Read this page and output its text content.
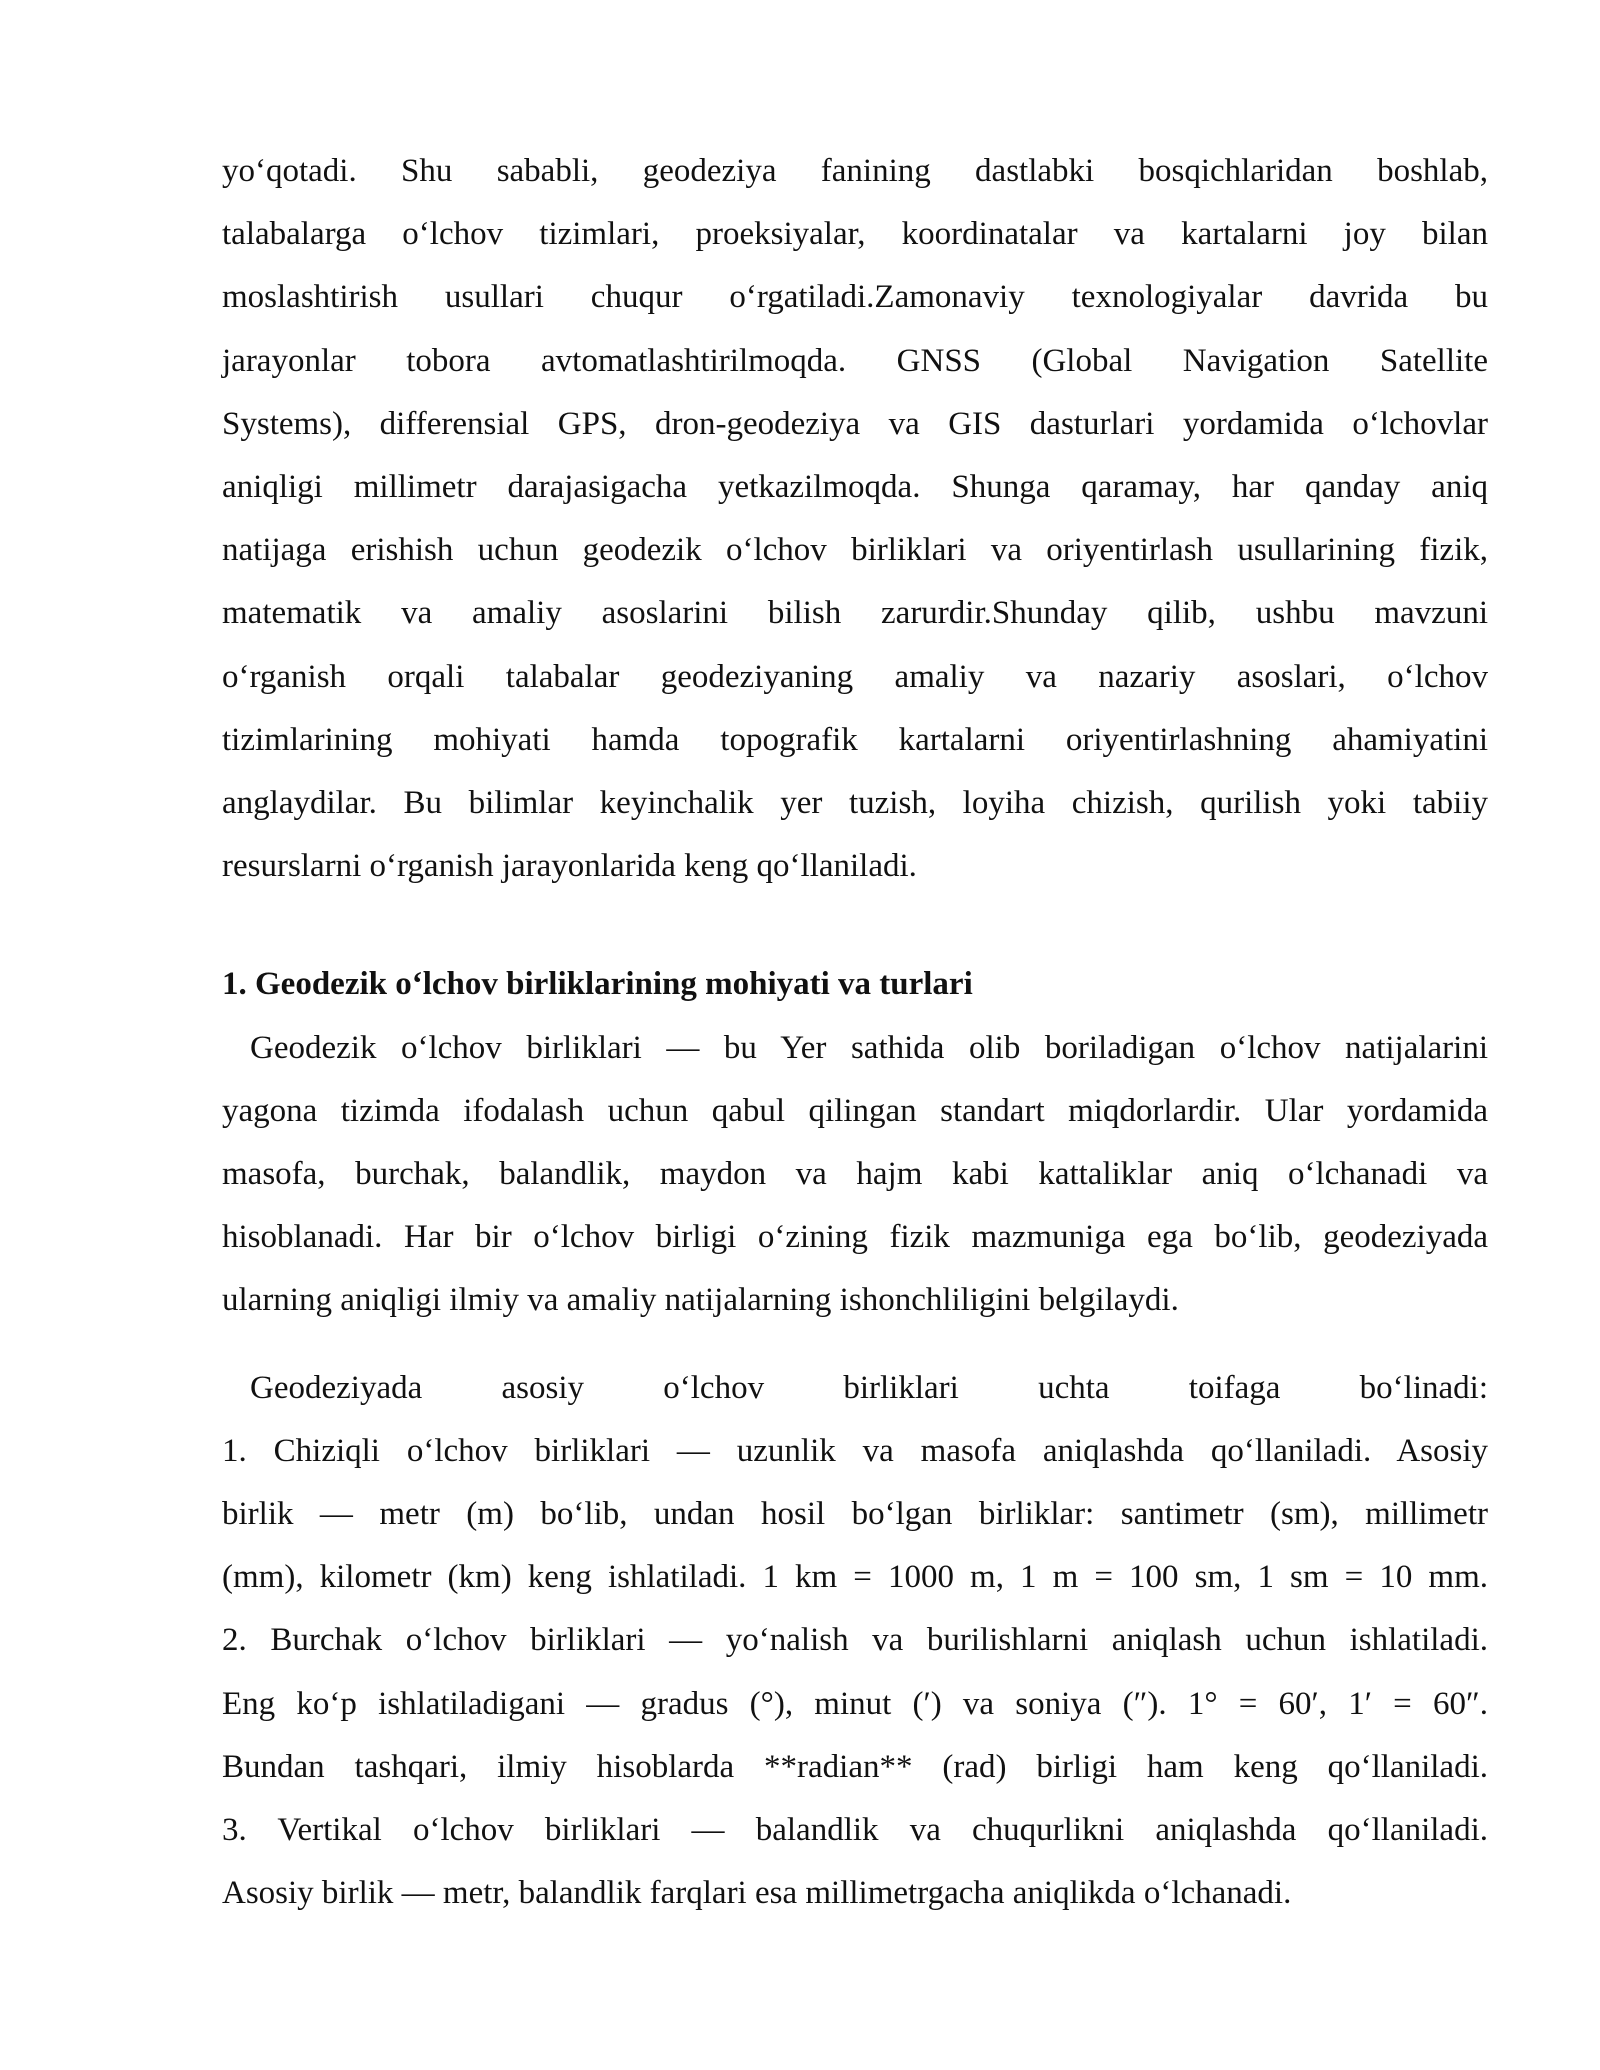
yo‘qotadi. Shu sababli, geodeziya fanining dastlabki bosqichlaridan boshlab,
talabalarga o‘lchov tizimlari, proeksiyalar, koordinatalar va kartalarni joy bilan
moslashtirish usullari chuqur o‘rgatiladi.Zamonaviy texnologiyalar davrida bu
jarayonlar tobora avtomatlashtirilmoqda. GNSS (Global Navigation Satellite
Systems), differensial GPS, dron-geodeziya va GIS dasturlari yordamida o‘lchovlar
aniqligi millimetr darajasigacha yetkazilmoqda. Shunga qaramay, har qanday aniq
natijaga erishish uchun geodezik o‘lchov birliklari va oriyentirlash usullarining fizik,
matematik va amaliy asoslarini bilish zarurdir.Shunday qilib, ushbu mavzuni
o‘rganish orqali talabalar geodeziyaning amaliy va nazariy asoslari, o‘lchov
tizimlarining mohiyati hamda topografik kartalarni oriyentirlashning ahamiyatini
anglaydilar. Bu bilimlar keyinchalik yer tuzish, loyiha chizish, qurilish yoki tabiiy
resurslarni o‘rganish jarayonlarida keng qo‘llaniladi.
1. Geodezik o‘lchov birliklarining mohiyati va turlari
Geodezik o‘lchov birliklari — bu Yer sathida olib boriladigan o‘lchov natijalarini
yagona tizimda ifodalash uchun qabul qilingan standart miqdorlardir. Ular yordamida
masofa, burchak, balandlik, maydon va hajm kabi kattaliklar aniq o‘lchanadi va
hisoblanadi. Har bir o‘lchov birligi o‘zining fizik mazmuniga ega bo‘lib, geodeziyada
ularning aniqligi ilmiy va amaliy natijalarning ishonchliligini belgilaydi.
Geodeziyada asosiy o‘lchov birliklari uchta toifaga bo‘linadi:
1. Chiziqli o‘lchov birliklari — uzunlik va masofa aniqlashda qo‘llaniladi. Asosiy
birlik — metr (m) bo‘lib, undan hosil bo‘lgan birliklar: santimetr (sm), millimetr
(mm), kilometr (km) keng ishlatiladi. 1 km = 1000 m, 1 m = 100 sm, 1 sm = 10 mm.
2. Burchak o‘lchov birliklari — yo‘nalish va burilishlarni aniqlash uchun ishlatiladi.
Eng ko‘p ishlatiladigani — gradus (°), minut (′) va soniya (″). 1° = 60′, 1′ = 60″.
Bundan tashqari, ilmiy hisoblarda **radian** (rad) birligi ham keng qo‘llaniladi.
3. Vertikal o‘lchov birliklari — balandlik va chuqurlikni aniqlashda qo‘llaniladi.
Asosiy birlik — metr, balandlik farqlari esa millimetrgacha aniqlikda o‘lchanadi.
